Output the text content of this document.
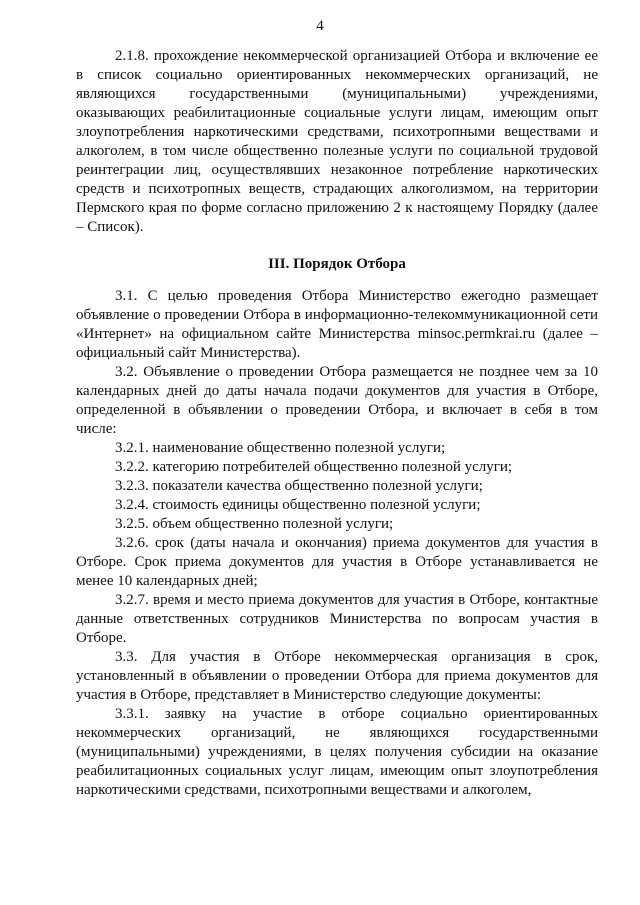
4

2.1.8. прохождение некоммерческой организацией Отбора и включение ее в список социально ориентированных некоммерческих организаций, не являющихся государственными (муниципальными) учреждениями, оказывающих реабилитационные социальные услуги лицам, имеющим опыт злоупотребления наркотическими средствами, психотропными веществами и алкоголем, в том числе общественно полезные услуги по социальной трудовой реинтеграции лиц, осуществлявших незаконное потребление наркотических средств и психотропных веществ, страдающих алкоголизмом, на территории Пермского края по форме согласно приложению 2 к настоящему Порядку (далее – Список).

III. Порядок Отбора

3.1. С целью проведения Отбора Министерство ежегодно размещает объявление о проведении Отбора в информационно-телекоммуникационной сети «Интернет» на официальном сайте Министерства minsoc.permkrai.ru (далее – официальный сайт Министерства).

3.2. Объявление о проведении Отбора размещается не позднее чем за 10 календарных дней до даты начала подачи документов для участия в Отборе, определенной в объявлении о проведении Отбора, и включает в себя в том числе:

3.2.1. наименование общественно полезной услуги;

3.2.2. категорию потребителей общественно полезной услуги;

3.2.3. показатели качества общественно полезной услуги;

3.2.4. стоимость единицы общественно полезной услуги;

3.2.5. объем общественно полезной услуги;

3.2.6. срок (даты начала и окончания) приема документов для участия в Отборе. Срок приема документов для участия в Отборе устанавливается не менее 10 календарных дней;

3.2.7. время и место приема документов для участия в Отборе, контактные данные ответственных сотрудников Министерства по вопросам участия в Отборе.

3.3. Для участия в Отборе некоммерческая организация в срок, установленный в объявлении о проведении Отбора для приема документов для участия в Отборе, представляет в Министерство следующие документы:

3.3.1. заявку на участие в отборе социально ориентированных некоммерческих организаций, не являющихся государственными (муниципальными) учреждениями, в целях получения субсидии на оказание реабилитационных социальных услуг лицам, имеющим опыт злоупотребления наркотическими средствами, психотропными веществами и алкоголем,
